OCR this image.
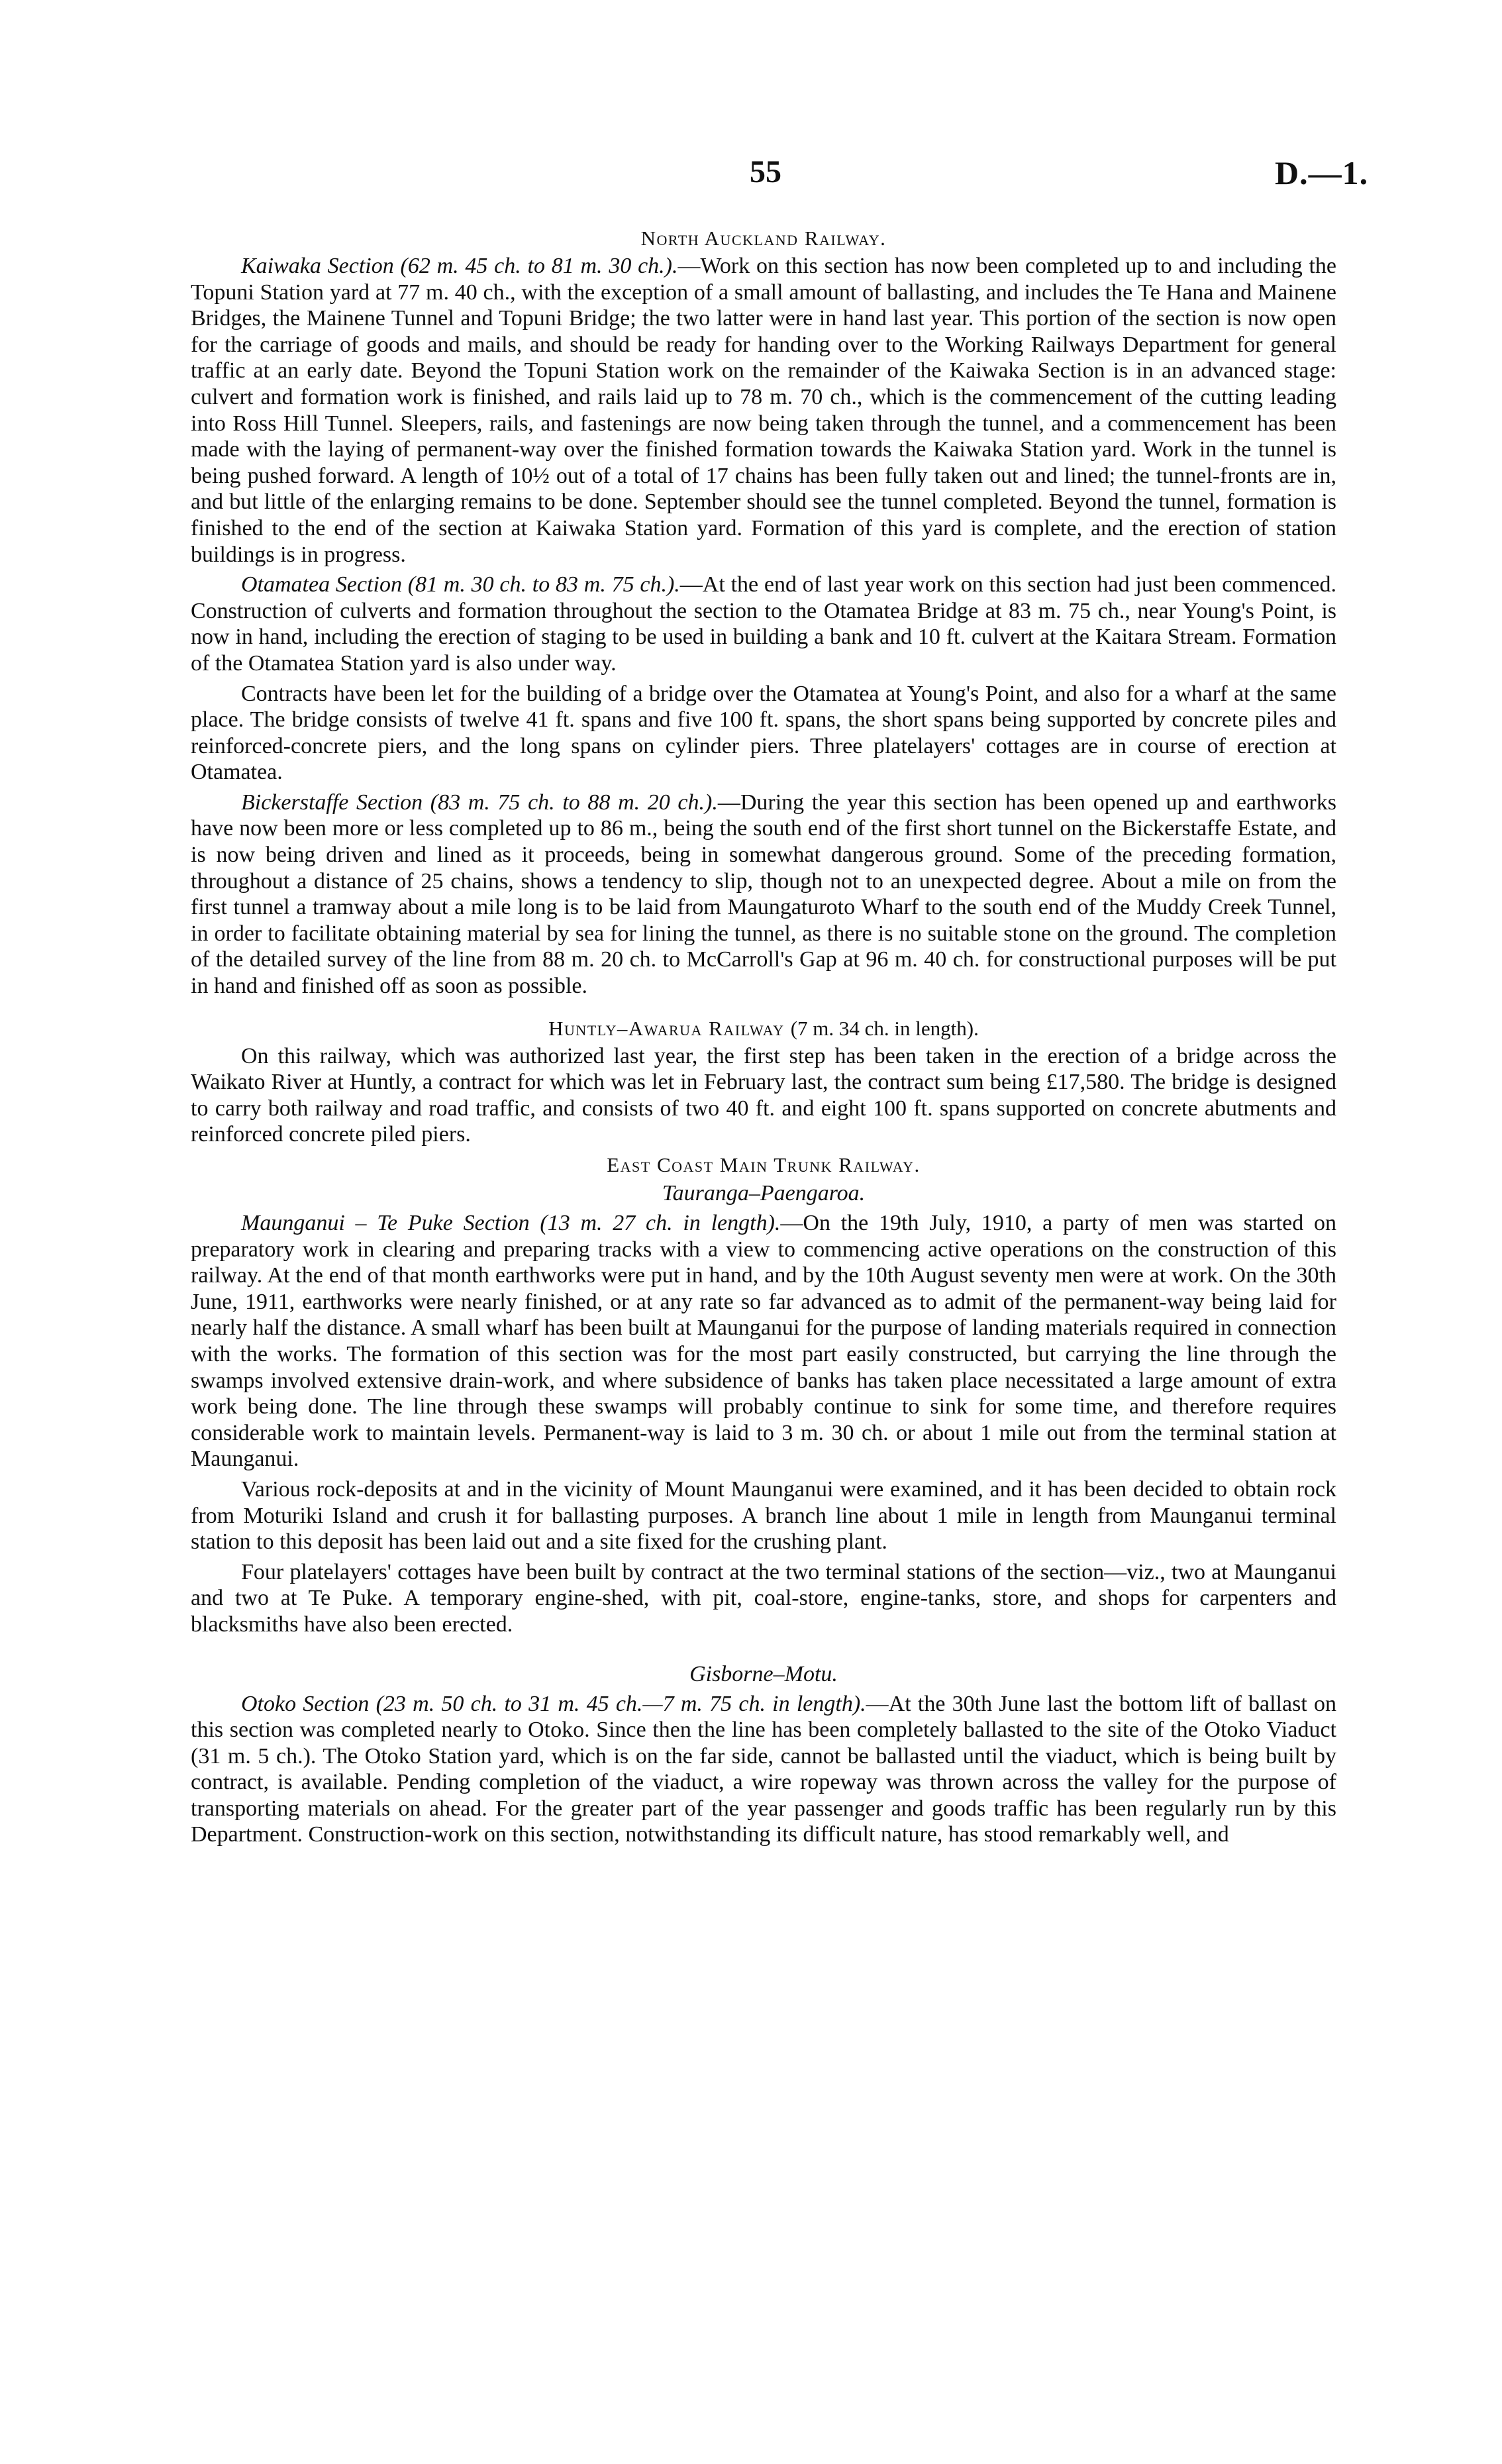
55	D.—1.
North Auckland Railway.

Kaiwaka Section (62 m. 45 ch. to 81 m. 30 ch.).—Work on this section has now been completed up to and including the Topuni Station yard at 77 m. 40 ch., with the exception of a small amount of ballasting, and includes the Te Hana and Mainene Bridges, the Mainene Tunnel and Topuni Bridge; the two latter were in hand last year. This portion of the section is now open for the carriage of goods and mails, and should be ready for handing over to the Working Railways Department for general traffic at an early date. Beyond the Topuni Station work on the remainder of the Kaiwaka Section is in an advanced stage: culvert and formation work is finished, and rails laid up to 78 m. 70 ch., which is the commencement of the cutting leading into Ross Hill Tunnel. Sleepers, rails, and fastenings are now being taken through the tunnel, and a commencement has been made with the laying of permanent-way over the finished formation towards the Kaiwaka Station yard. Work in the tunnel is being pushed forward. A length of 10½ out of a total of 17 chains has been fully taken out and lined; the tunnel-fronts are in, and but little of the enlarging remains to be done. September should see the tunnel completed. Beyond the tunnel, formation is finished to the end of the section at Kaiwaka Station yard. Formation of this yard is complete, and the erection of station buildings is in progress.

Otamatea Section (81 m. 30 ch. to 83 m. 75 ch.).—At the end of last year work on this section had just been commenced. Construction of culverts and formation throughout the section to the Otamatea Bridge at 83 m. 75 ch., near Young's Point, is now in hand, including the erection of staging to be used in building a bank and 10 ft. culvert at the Kaitara Stream. Formation of the Otamatea Station yard is also under way.

Contracts have been let for the building of a bridge over the Otamatea at Young's Point, and also for a wharf at the same place. The bridge consists of twelve 41 ft. spans and five 100 ft. spans, the short spans being supported by concrete piles and reinforced-concrete piers, and the long spans on cylinder piers. Three platelayers' cottages are in course of erection at Otamatea.

Bickerstaffe Section (83 m. 75 ch. to 88 m. 20 ch.).—During the year this section has been opened up and earthworks have now been more or less completed up to 86 m., being the south end of the first short tunnel on the Bickerstaffe Estate, and is now being driven and lined as it proceeds, being in somewhat dangerous ground. Some of the preceding formation, throughout a distance of 25 chains, shows a tendency to slip, though not to an unexpected degree. About a mile on from the first tunnel a tramway about a mile long is to be laid from Maungaturoto Wharf to the south end of the Muddy Creek Tunnel, in order to facilitate obtaining material by sea for lining the tunnel, as there is no suitable stone on the ground. The completion of the detailed survey of the line from 88 m. 20 ch. to McCarroll's Gap at 96 m. 40 ch. for constructional purposes will be put in hand and finished off as soon as possible.

Huntly–Awarua Railway (7 m. 34 ch. in length).

On this railway, which was authorized last year, the first step has been taken in the erection of a bridge across the Waikato River at Huntly, a contract for which was let in February last, the contract sum being £17,580. The bridge is designed to carry both railway and road traffic, and consists of two 40 ft. and eight 100 ft. spans supported on concrete abutments and reinforced concrete piled piers.

East Coast Main Trunk Railway.
Tauranga–Paengaroa.

Maunganui – Te Puke Section (13 m. 27 ch. in length).—On the 19th July, 1910, a party of men was started on preparatory work in clearing and preparing tracks with a view to commencing active operations on the construction of this railway. At the end of that month earthworks were put in hand, and by the 10th August seventy men were at work. On the 30th June, 1911, earthworks were nearly finished, or at any rate so far advanced as to admit of the permanent-way being laid for nearly half the distance. A small wharf has been built at Maunganui for the purpose of landing materials required in connection with the works. The formation of this section was for the most part easily constructed, but carrying the line through the swamps involved extensive drain-work, and where subsidence of banks has taken place necessitated a large amount of extra work being done. The line through these swamps will probably continue to sink for some time, and therefore requires considerable work to maintain levels. Permanent-way is laid to 3 m. 30 ch. or about 1 mile out from the terminal station at Maunganui.

Various rock-deposits at and in the vicinity of Mount Maunganui were examined, and it has been decided to obtain rock from Moturiki Island and crush it for ballasting purposes. A branch line about 1 mile in length from Maunganui terminal station to this deposit has been laid out and a site fixed for the crushing plant.

Four platelayers' cottages have been built by contract at the two terminal stations of the section—viz., two at Maunganui and two at Te Puke. A temporary engine-shed, with pit, coal-store, engine-tanks, store, and shops for carpenters and blacksmiths have also been erected.

Gisborne–Motu.

Otoko Section (23 m. 50 ch. to 31 m. 45 ch.—7 m. 75 ch. in length).—At the 30th June last the bottom lift of ballast on this section was completed nearly to Otoko. Since then the line has been completely ballasted to the site of the Otoko Viaduct (31 m. 5 ch.). The Otoko Station yard, which is on the far side, cannot be ballasted until the viaduct, which is being built by contract, is available. Pending completion of the viaduct, a wire ropeway was thrown across the valley for the purpose of transporting materials on ahead. For the greater part of the year passenger and goods traffic has been regularly run by this Department. Construction-work on this section, notwithstanding its difficult nature, has stood remarkably well, and
